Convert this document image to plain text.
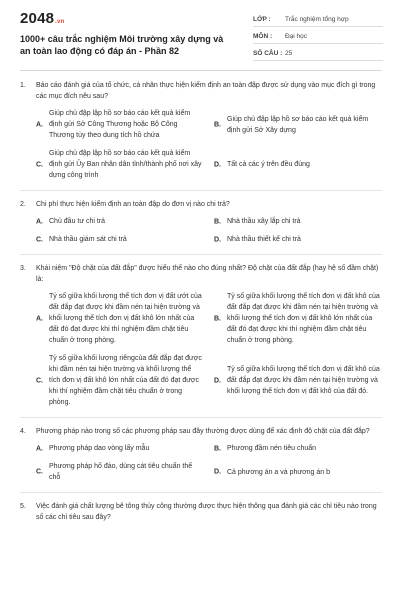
2048.vn
1000+ câu trắc nghiệm Môi trường xây dựng và an toàn lao động có đáp án - Phần 82
LỚP : Trắc nghiệm tổng hợp
MÔN : Đại học
SỐ CÂU : 25
1. Báo cáo đánh giá của tổ chức, cá nhân thực hiện kiểm định an toàn đập được sử dụng vào mục đích gì trong các mục đích nêu sau?
A.
Giúp chủ đập lập hồ sơ báo cáo kết quả kiểm định gửi Sở Công Thương hoặc Bộ Công Thương tùy theo dung tích hồ chứa
B.
Giúp chủ đập lập hồ sơ báo cáo kết quả kiểm định gửi Sở Xây dựng
C.
Giúp chủ đập lập hồ sơ báo cáo kết quả kiểm định gửi Ủy Ban nhân dân tỉnh/thành phố nơi xây dựng công trình
D. Tất cả các ý trên đều đúng
2. Chi phí thực hiện kiểm định an toàn đập do đơn vị nào chi trả?
A. Chủ đầu tư chi trả	B. Nhà thầu xây lắp chi trả
C. Nhà thầu giám sát chi trả	D. Nhà thầu thiết kế chi trả
3. Khái niệm "Độ chặt của đất đắp" được hiểu thế nào cho đúng nhất? Độ chặt của đất đắp (hay hệ số đầm chặt) là:
A.
Tỷ số giữa khối lượng thể tích đơn vị đất ướt của đất đắp đạt được khi đầm nén tại hiện trường và khối lượng thể tích đơn vị đất khô lớn nhất của đất đó đạt được khi thí nghiệm đầm chặt tiêu chuẩn ở trong phòng.
B.
Tỷ số giữa khối lượng thể tích đơn vị đất khô của đất đắp đạt được khi đầm nén tại hiện trường và khối lượng thể tích đơn vị đất khô lớn nhất của đất đó đạt được khi thí nghiệm đầm chặt tiêu chuẩn ở trong phòng.
C.
Tỷ số giữa khối lượng riêngcủa đất đắp đạt được khi đầm nén tại hiện trường và khối lượng thể tích đơn vị đất khô lớn nhất của đất đó đạt được khi thí nghiệm đầm chặt tiêu chuẩn ở trong phòng.
D.
Tỷ số giữa khối lượng thể tích đơn vị đất khô của đất đắp đạt được khi đầm nén tại hiện trường và khối lượng thể tích đơn vị đất khô của đất đó.
4. Phương pháp nào trong số các phương pháp sau đây thường được dùng để xác định độ chặt của đất đắp?
A. Phương pháp dao vòng lấy mẫu	B. Phương đầm nén tiêu chuẩn
C.
Phương pháp hố đào, dùng cát tiêu chuẩn thế chỗ
D. Cả phương án a và phương án b
5. Việc đánh giá chất lượng bê tông thủy công thường được thực hiện thông qua đánh giá các chỉ tiêu nào trong số các chỉ tiêu sau đây?
